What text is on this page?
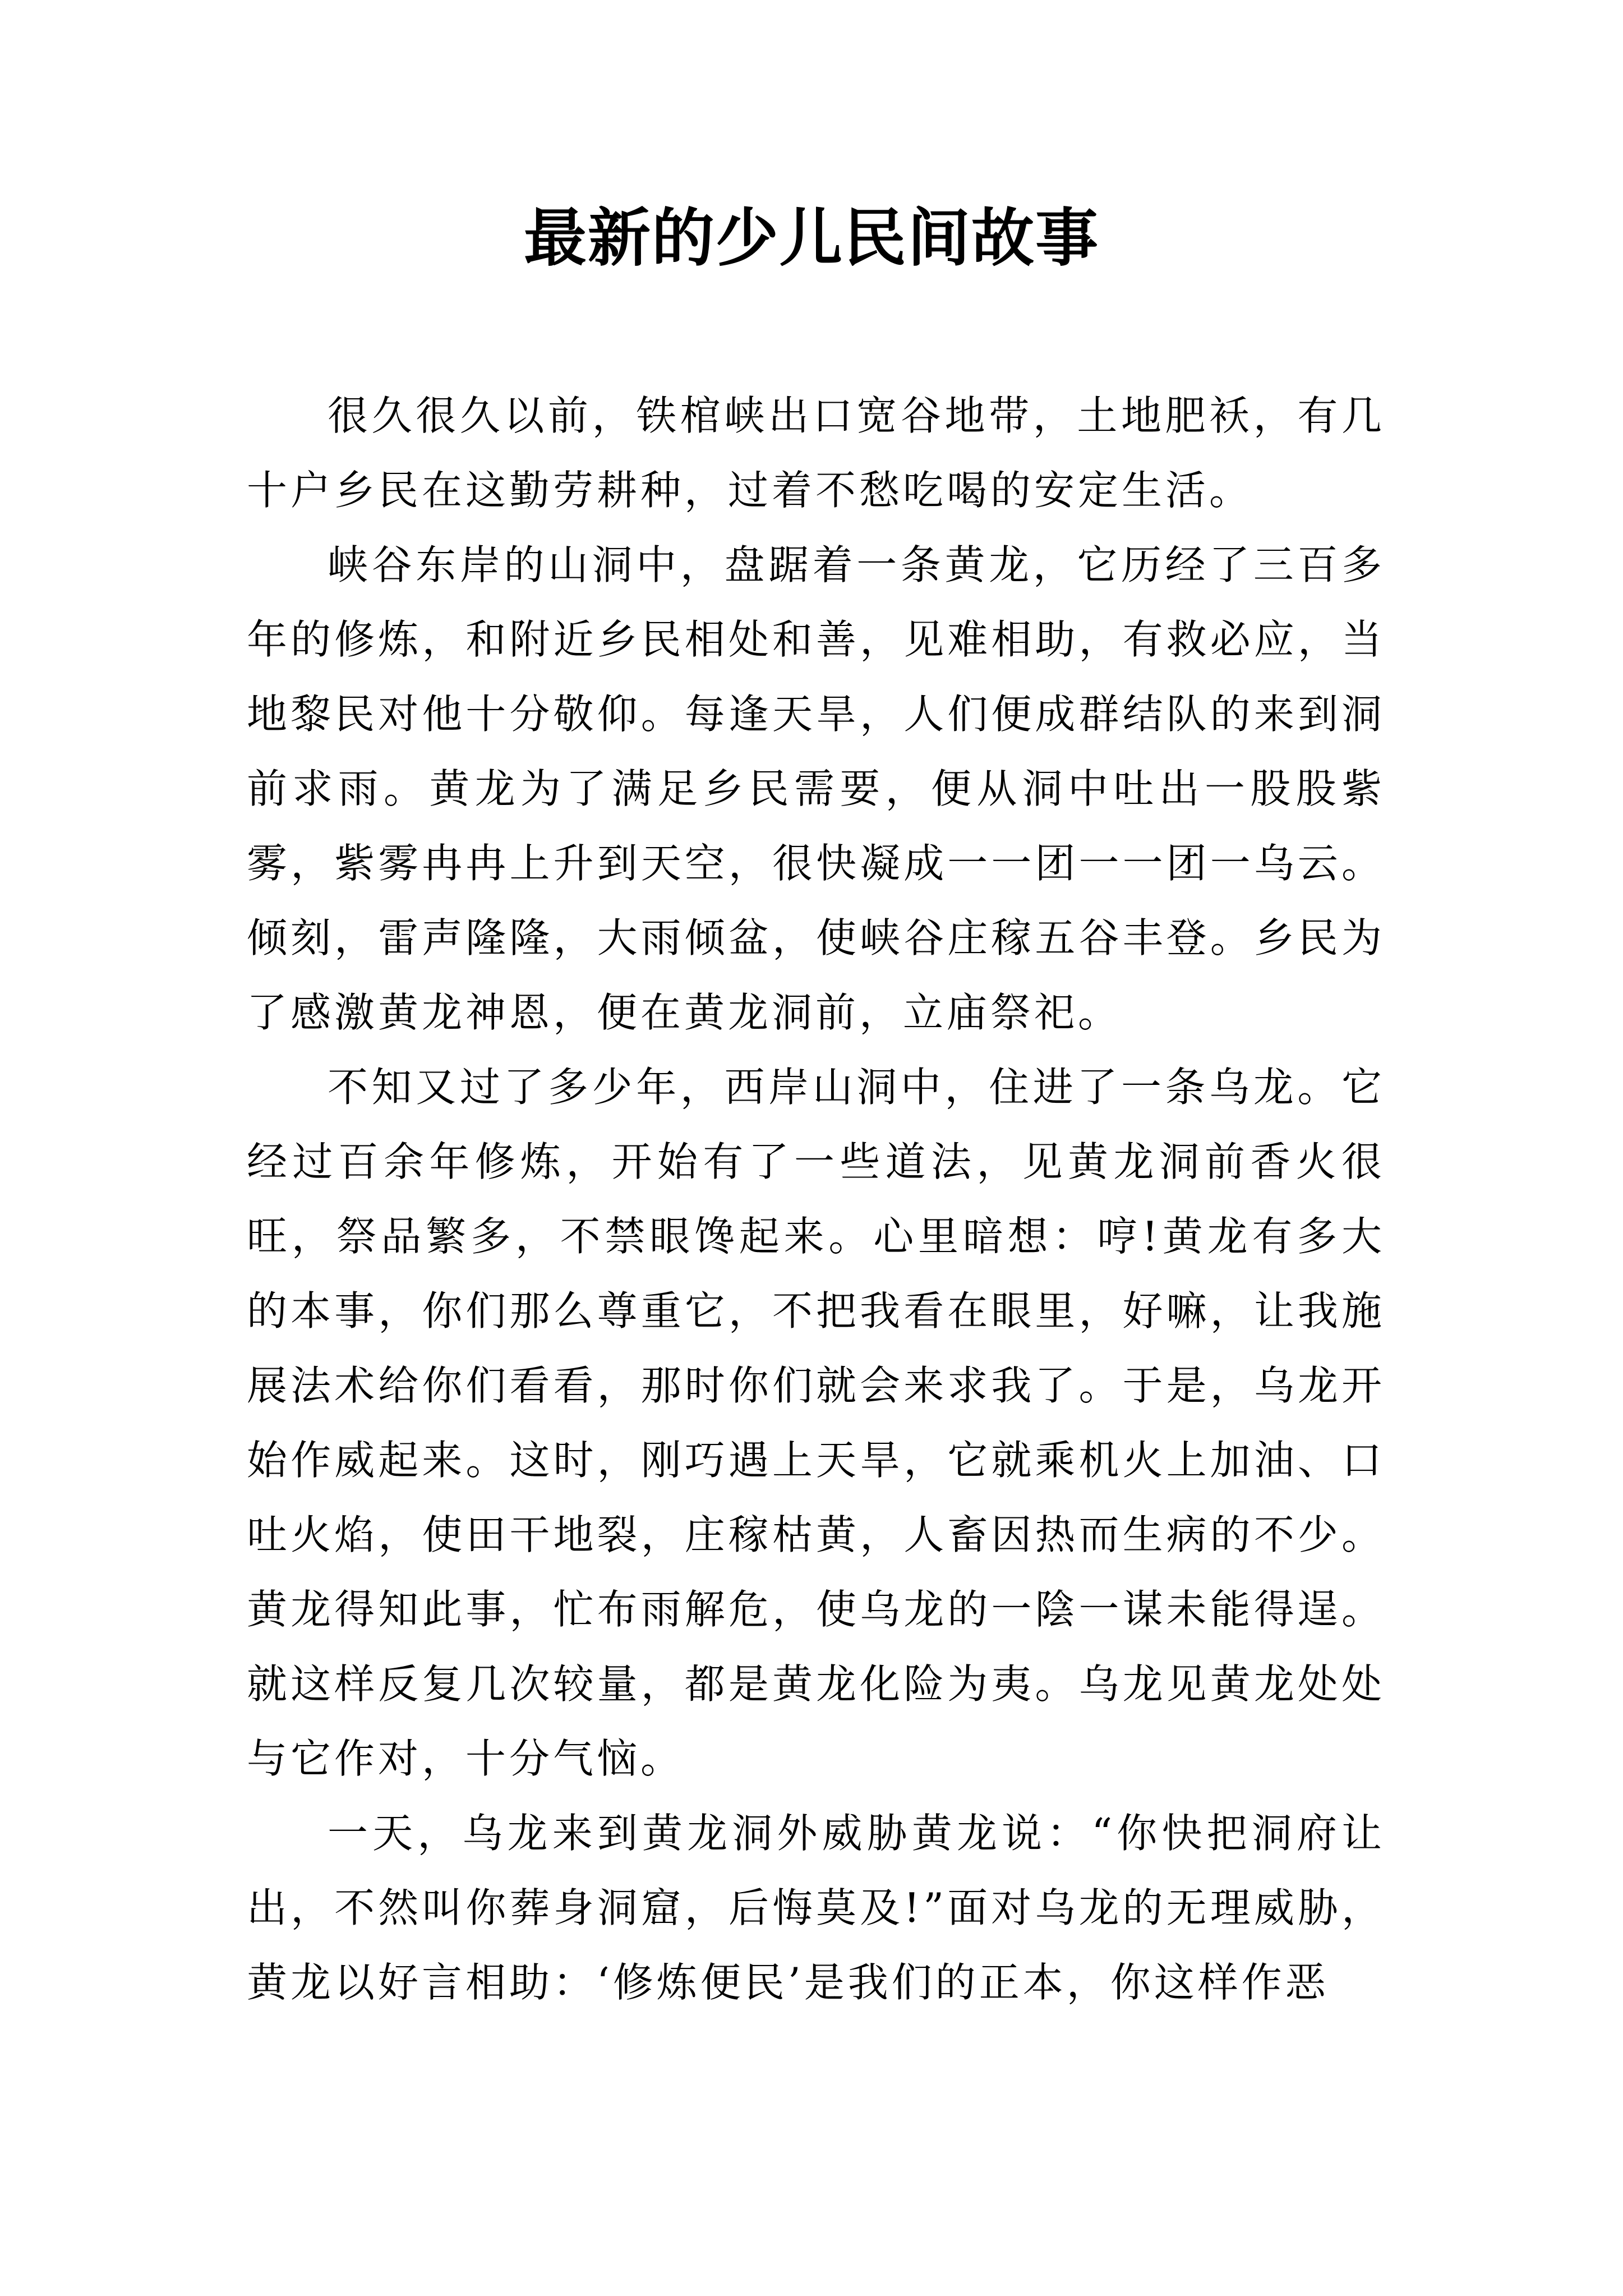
最新的少儿民间故事

很久很久以前，铁棺峡出口宽谷地带，土地肥袄，有几十户乡民在这勤劳耕种，过着不愁吃喝的安定生活。

峡谷东岸的山洞中，盘踞着一条黄龙，它历经了三百多年的修炼，和附近乡民相处和善，见难相助，有救必应，当地黎民对他十分敬仰。每逢天旱，人们便成群结队的来到洞前求雨。黄龙为了满足乡民需要，便从洞中吐出一股股紫雾，紫雾冉冉上升到天空，很快凝成一一团一一团一乌云。倾刻，雷声隆隆，大雨倾盆，使峡谷庄稼五谷丰登。乡民为了感激黄龙神恩，便在黄龙洞前，立庙祭祀。

不知又过了多少年，西岸山洞中，住进了一条乌龙。它经过百余年修炼，开始有了一些道法，见黄龙洞前香火很旺，祭品繁多，不禁眼馋起来。心里暗想：哼!黄龙有多大的本事，你们那么尊重它，不把我看在眼里，好嘛，让我施展法术给你们看看，那时你们就会来求我了。于是，乌龙开始作威起来。这时，刚巧遇上天旱，它就乘机火上加油、口吐火焰，使田干地裂，庄稼枯黄，人畜因热而生病的不少。黄龙得知此事，忙布雨解危，使乌龙的一陰一谋未能得逞。就这样反复几次较量，都是黄龙化险为夷。乌龙见黄龙处处与它作对，十分气恼。

一天，乌龙来到黄龙洞外威胁黄龙说：“你快把洞府让出，不然叫你葬身洞窟，后悔莫及!”面对乌龙的无理威胁，黄龙以好言相助：‘修炼便民’是我们的正本，你这样作恶
